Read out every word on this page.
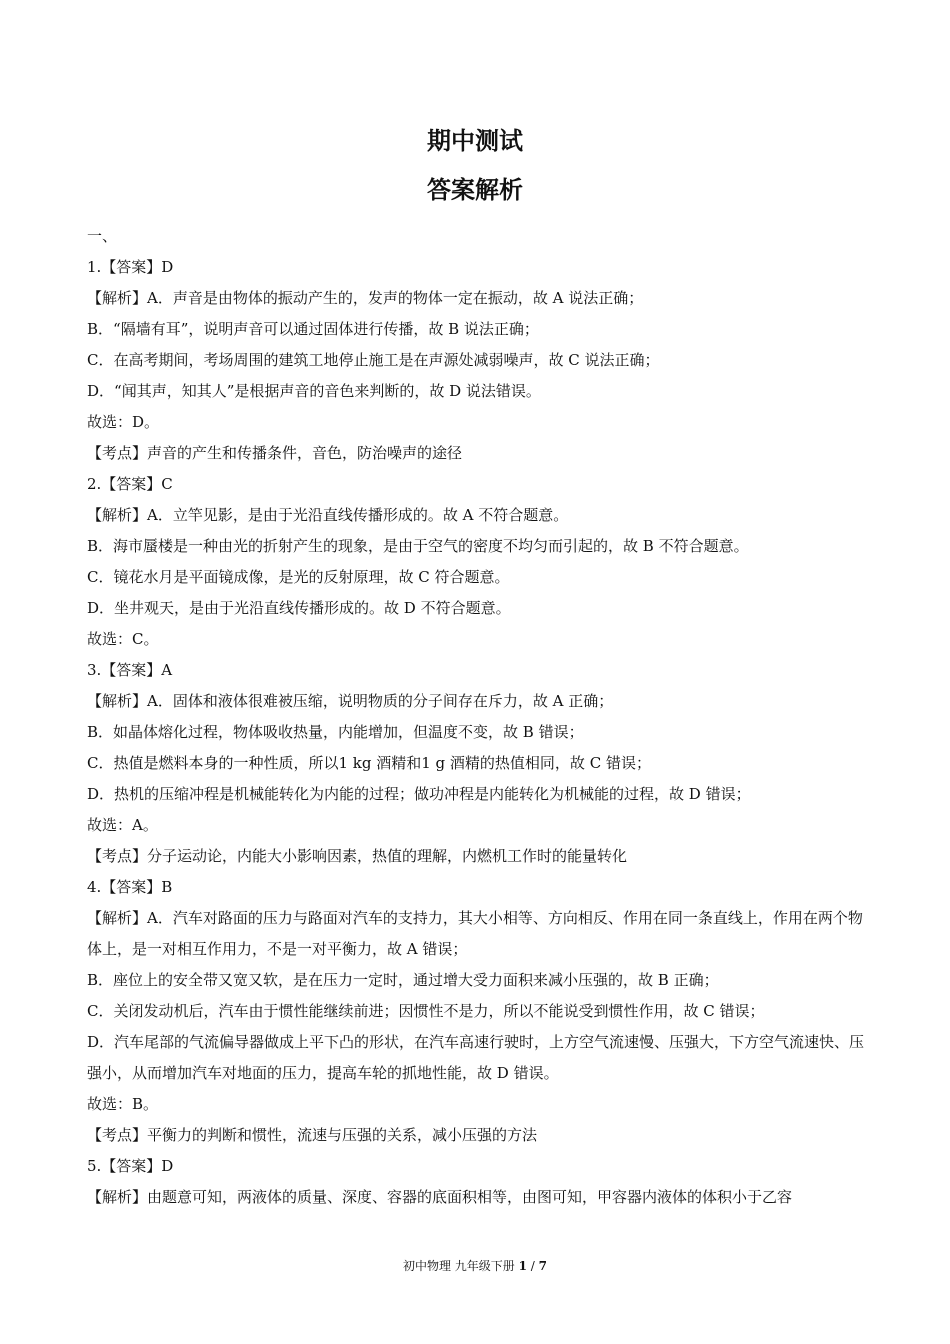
期中测试
答案解析
一、
1.【答案】D
【解析】A．声音是由物体的振动产生的，发声的物体一定在振动，故 A 说法正确；
B．“隔墙有耳”，说明声音可以通过固体进行传播，故 B 说法正确；
C．在高考期间，考场周围的建筑工地停止施工是在声源处减弱噪声，故 C 说法正确；
D．“闻其声，知其人”是根据声音的音色来判断的，故 D 说法错误。
故选：D。
【考点】声音的产生和传播条件，音色，防治噪声的途径
2.【答案】C
【解析】A．立竿见影，是由于光沿直线传播形成的。故 A 不符合题意。
B．海市蜃楼是一种由光的折射产生的现象，是由于空气的密度不均匀而引起的，故 B 不符合题意。
C．镜花水月是平面镜成像，是光的反射原理，故 C 符合题意。
D．坐井观天，是由于光沿直线传播形成的。故 D 不符合题意。
故选：C。
3.【答案】A
【解析】A．固体和液体很难被压缩，说明物质的分子间存在斥力，故 A 正确；
B．如晶体熔化过程，物体吸收热量，内能增加，但温度不变，故 B 错误；
C．热值是燃料本身的一种性质，所以1 kg 酒精和1 g 酒精的热值相同，故 C 错误；
D．热机的压缩冲程是机械能转化为内能的过程；做功冲程是内能转化为机械能的过程，故 D 错误；
故选：A。
【考点】分子运动论，内能大小影响因素，热值的理解，内燃机工作时的能量转化
4.【答案】B
【解析】A．汽车对路面的压力与路面对汽车的支持力，其大小相等、方向相反、作用在同一条直线上，作用在两个物体上，是一对相互作用力，不是一对平衡力，故 A 错误；
B．座位上的安全带又宽又软，是在压力一定时，通过增大受力面积来减小压强的，故 B 正确；
C．关闭发动机后，汽车由于惯性能继续前进；因惯性不是力，所以不能说受到惯性作用，故 C 错误；
D．汽车尾部的气流偏导器做成上平下凸的形状，在汽车高速行驶时，上方空气流速慢、压强大，下方空气流速快、压强小，从而增加汽车对地面的压力，提高车轮的抓地性能，故 D 错误。
故选：B。
【考点】平衡力的判断和惯性，流速与压强的关系，减小压强的方法
5.【答案】D
【解析】由题意可知，两液体的质量、深度、容器的底面积相等，由图可知，甲容器内液体的体积小于乙容
初中物理 九年级下册 1 / 7
